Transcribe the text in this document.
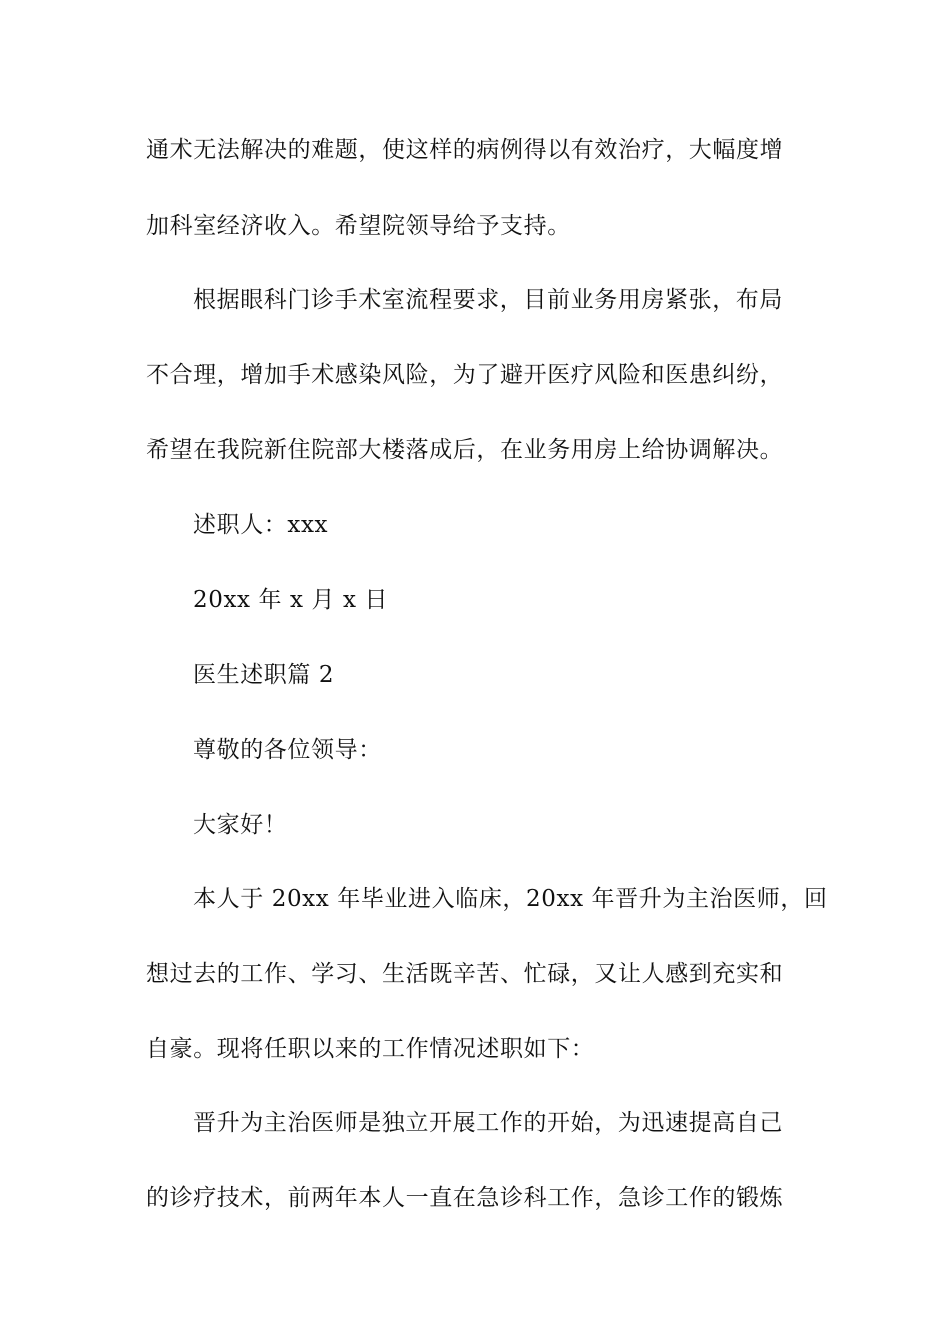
通术无法解决的难题，使这样的病例得以有效治疗，大幅度增
加科室经济收入。希望院领导给予支持。
根据眼科门诊手术室流程要求，目前业务用房紧张，布局
不合理，增加手术感染风险，为了避开医疗风险和医患纠纷，
希望在我院新住院部大楼落成后，在业务用房上给协调解决。
述职人：xxx
20xx 年 x 月 x 日
医生述职篇 2
尊敬的各位领导：
大家好！
本人于 20xx 年毕业进入临床，20xx 年晋升为主治医师，回
想过去的工作、学习、生活既辛苦、忙碌，又让人感到充实和
自豪。现将任职以来的工作情况述职如下：
晋升为主治医师是独立开展工作的开始，为迅速提高自己
的诊疗技术，前两年本人一直在急诊科工作，急诊工作的锻炼
